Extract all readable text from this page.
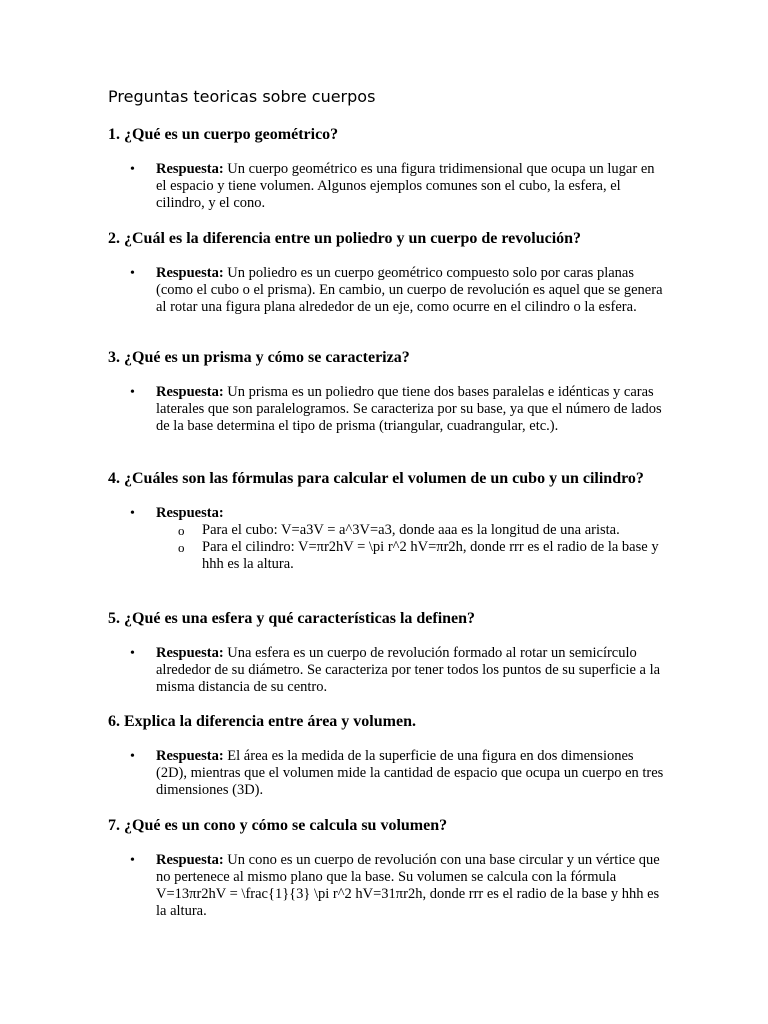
Preguntas teoricas sobre cuerpos
1. ¿Qué es un cuerpo geométrico?
• Respuesta: Un cuerpo geométrico es una figura tridimensional que ocupa un lugar en el espacio y tiene volumen. Algunos ejemplos comunes son el cubo, la esfera, el cilindro, y el cono.
2. ¿Cuál es la diferencia entre un poliedro y un cuerpo de revolución?
• Respuesta: Un poliedro es un cuerpo geométrico compuesto solo por caras planas (como el cubo o el prisma). En cambio, un cuerpo de revolución es aquel que se genera al rotar una figura plana alrededor de un eje, como ocurre en el cilindro o la esfera.
3. ¿Qué es un prisma y cómo se caracteriza?
• Respuesta: Un prisma es un poliedro que tiene dos bases paralelas e idénticas y caras laterales que son paralelogramos. Se caracteriza por su base, ya que el número de lados de la base determina el tipo de prisma (triangular, cuadrangular, etc.).
4. ¿Cuáles son las fórmulas para calcular el volumen de un cubo y un cilindro?
• Respuesta:
o Para el cubo: V=a3V = a^3V=a3, donde aaa es la longitud de una arista.
o Para el cilindro: V=πr2hV = \pi r^2 hV=πr2h, donde rrr es el radio de la base y hhh es la altura.
5. ¿Qué es una esfera y qué características la definen?
• Respuesta: Una esfera es un cuerpo de revolución formado al rotar un semicírculo alrededor de su diámetro. Se caracteriza por tener todos los puntos de su superficie a la misma distancia de su centro.
6. Explica la diferencia entre área y volumen.
• Respuesta: El área es la medida de la superficie de una figura en dos dimensiones (2D), mientras que el volumen mide la cantidad de espacio que ocupa un cuerpo en tres dimensiones (3D).
7. ¿Qué es un cono y cómo se calcula su volumen?
• Respuesta: Un cono es un cuerpo de revolución con una base circular y un vértice que no pertenece al mismo plano que la base. Su volumen se calcula con la fórmula V=13πr2hV = \frac{1}{3} \pi r^2 hV=31πr2h, donde rrr es el radio de la base y hhh es la altura.
